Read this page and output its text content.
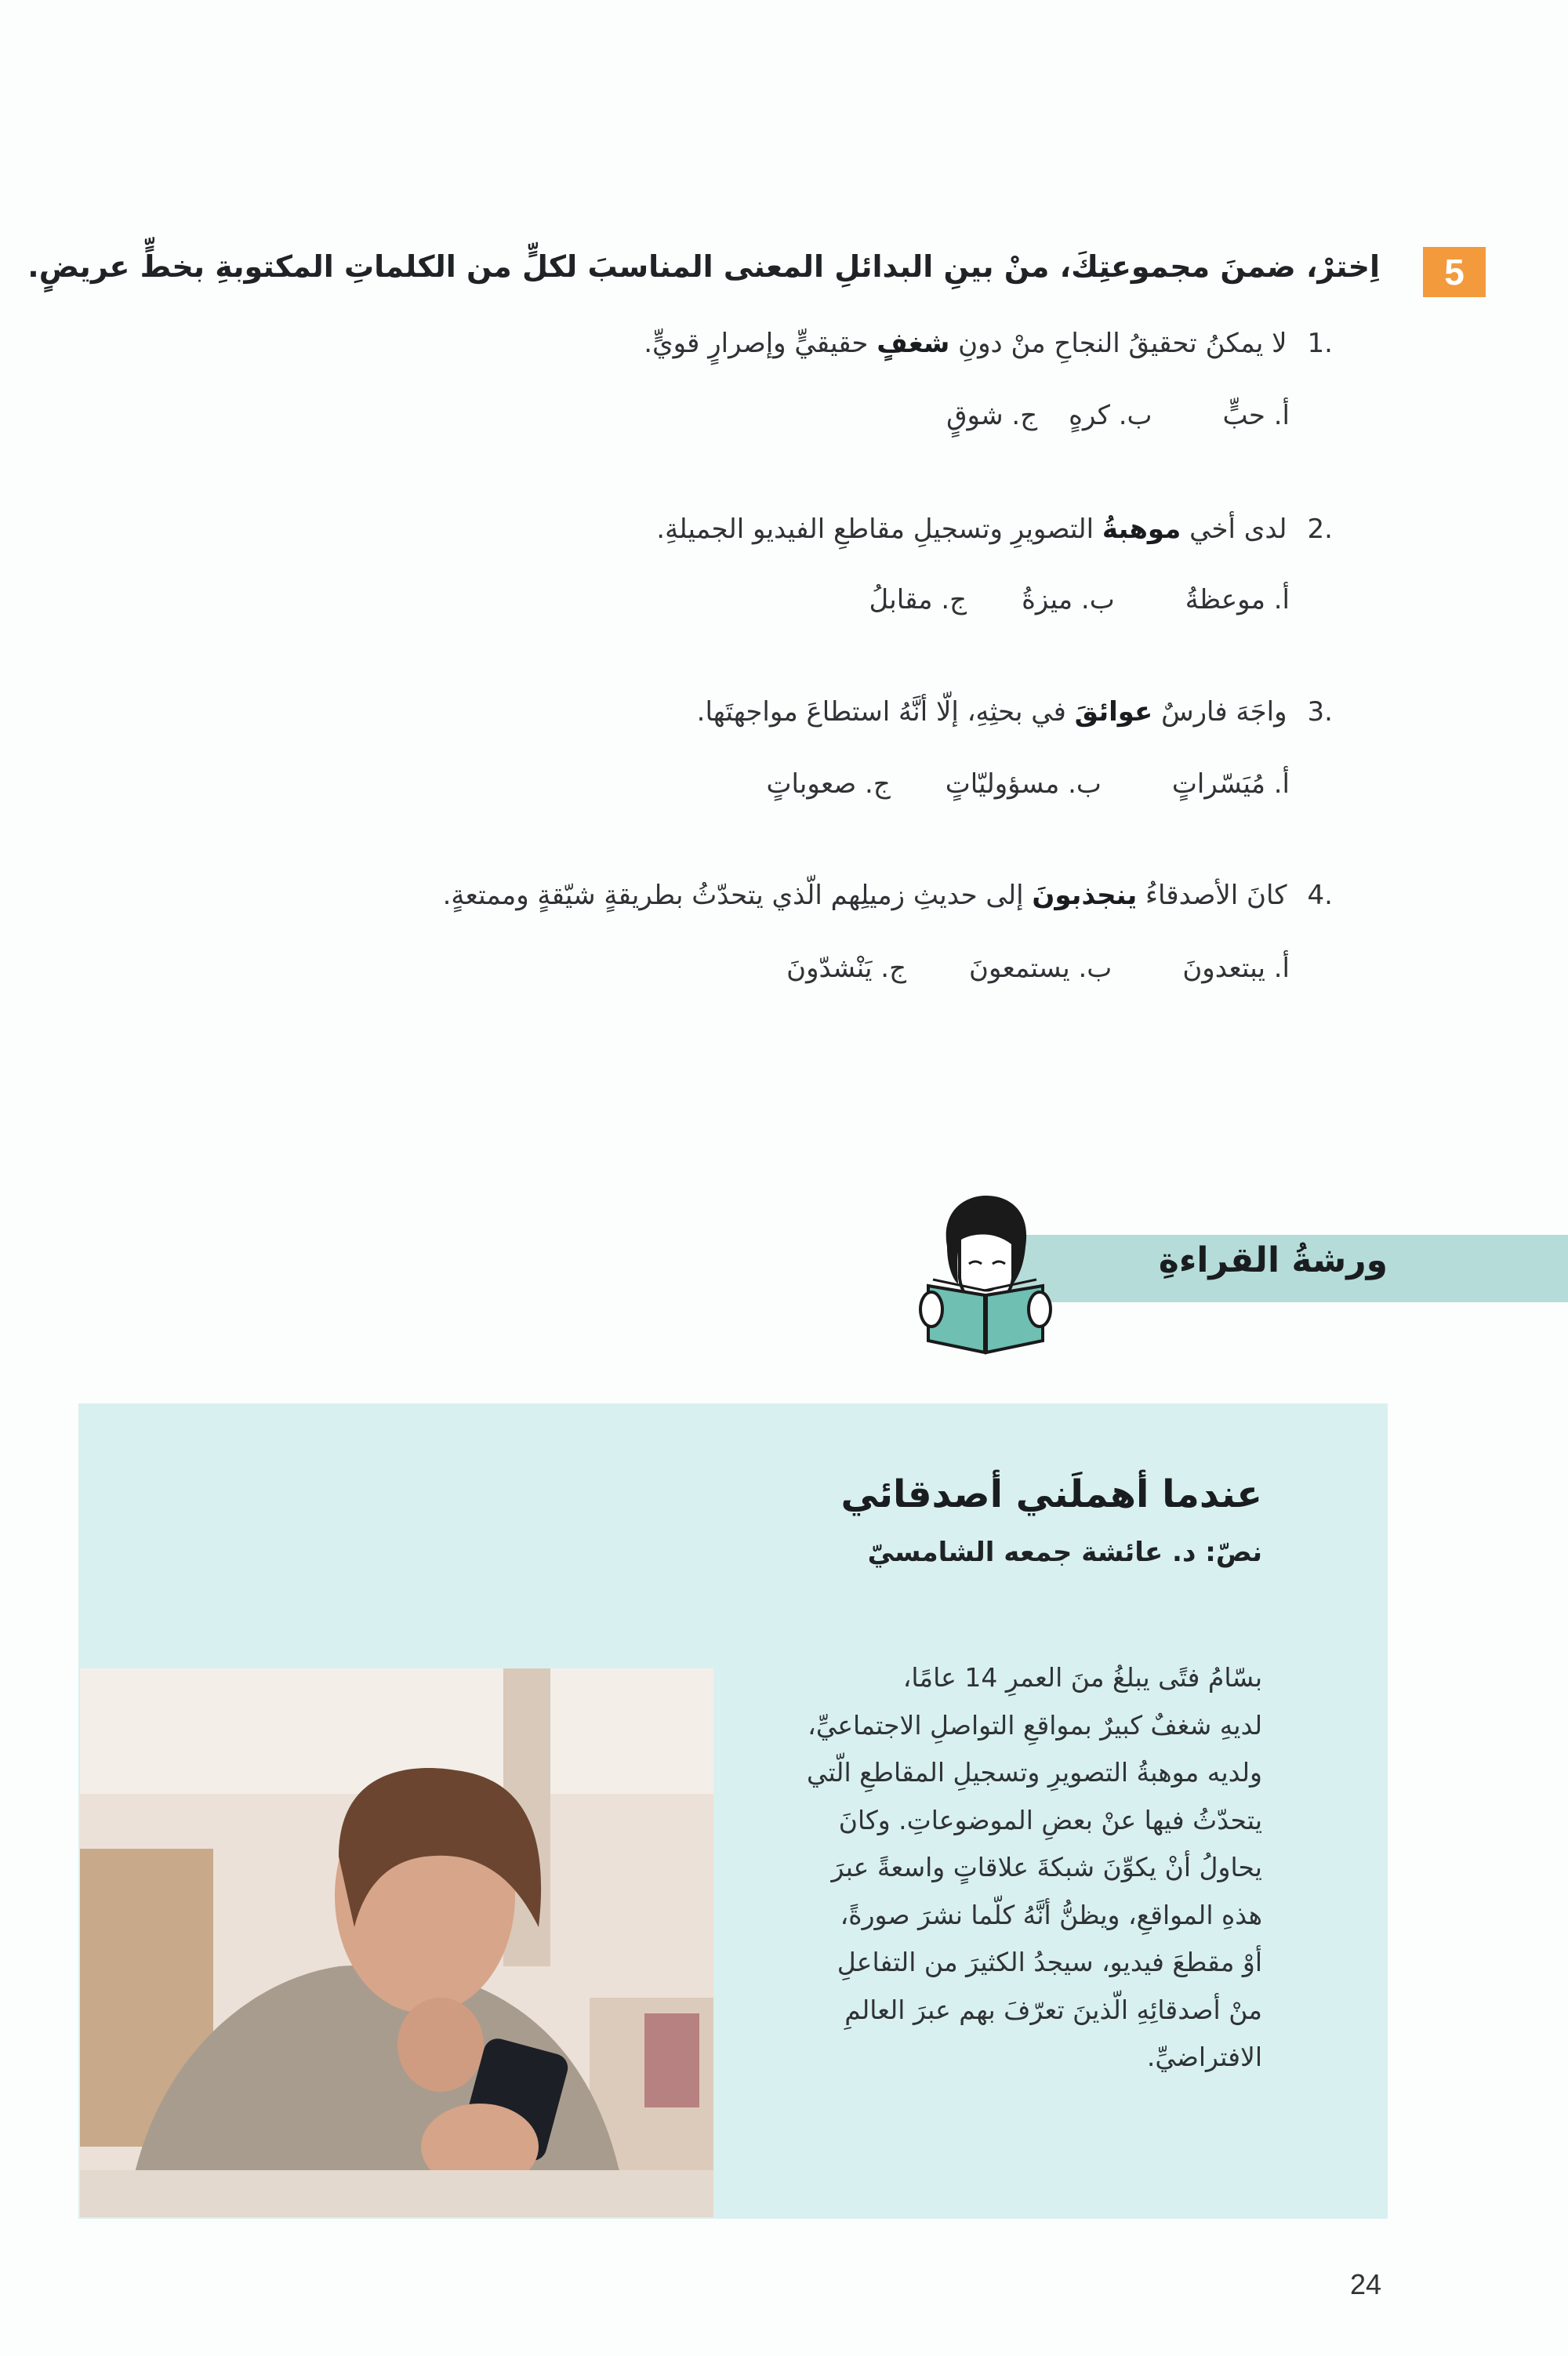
5
اِخترْ، ضمنَ مجموعتِكَ، منْ بينِ البدائلِ المعنى المناسبَ لكلٍّ من الكلماتِ المكتوبةِ بخطٍّ عريضٍ.
1.لا يمكنُ تحقيقُ النجاحِ منْ دونِ شغفٍ حقيقيٍّ وإصرارٍ قويٍّ.
أ. حبٍّ
ب. كرهٍ
ج. شوقٍ
2.لدى أخي موهبةُ التصويرِ وتسجيلِ مقاطعِ الفيديو الجميلةِ.
أ. موعظةُ
ب. ميزةُ
ج. مقابلُ
3.واجَهَ فارسٌ عوائقَ في بحثِهِ، إلّا أنَّهُ استطاعَ مواجهتَها.
أ. مُيَسّراتٍ
ب. مسؤوليّاتٍ
ج. صعوباتٍ
4.كانَ الأصدقاءُ ينجذبونَ إلى حديثِ زميلِهم الّذي يتحدّثُ بطريقةٍ شيّقةٍ وممتعةٍ.
أ. يبتعدونَ
ب. يستمعونَ
ج. يَنْشدّونَ
ورشةُ القراءةِ
عندما أهملَني أصدقائي
نصّ: د. عائشة جمعه الشامسيّ
بسّامُ فتًى يبلغُ منَ العمرِ 14 عامًا،
لديهِ شغفٌ كبيرٌ بمواقعِ التواصلِ الاجتماعيِّ،
ولديه موهبةُ التصويرِ وتسجيلِ المقاطعِ الّتي
يتحدّثُ فيها عنْ بعضِ الموضوعاتِ. وكانَ
يحاولُ أنْ يكوِّنَ شبكةَ علاقاتٍ واسعةً عبرَ
هذهِ المواقعِ، ويظنُّ أنَّهُ كلّما نشرَ صورةً،
أوْ مقطعَ فيديو، سيجدُ الكثيرَ من التفاعلِ
منْ أصدقائِهِ الّذينَ تعرّفَ بهم عبرَ العالمِ
الافتراضيِّ.
24
